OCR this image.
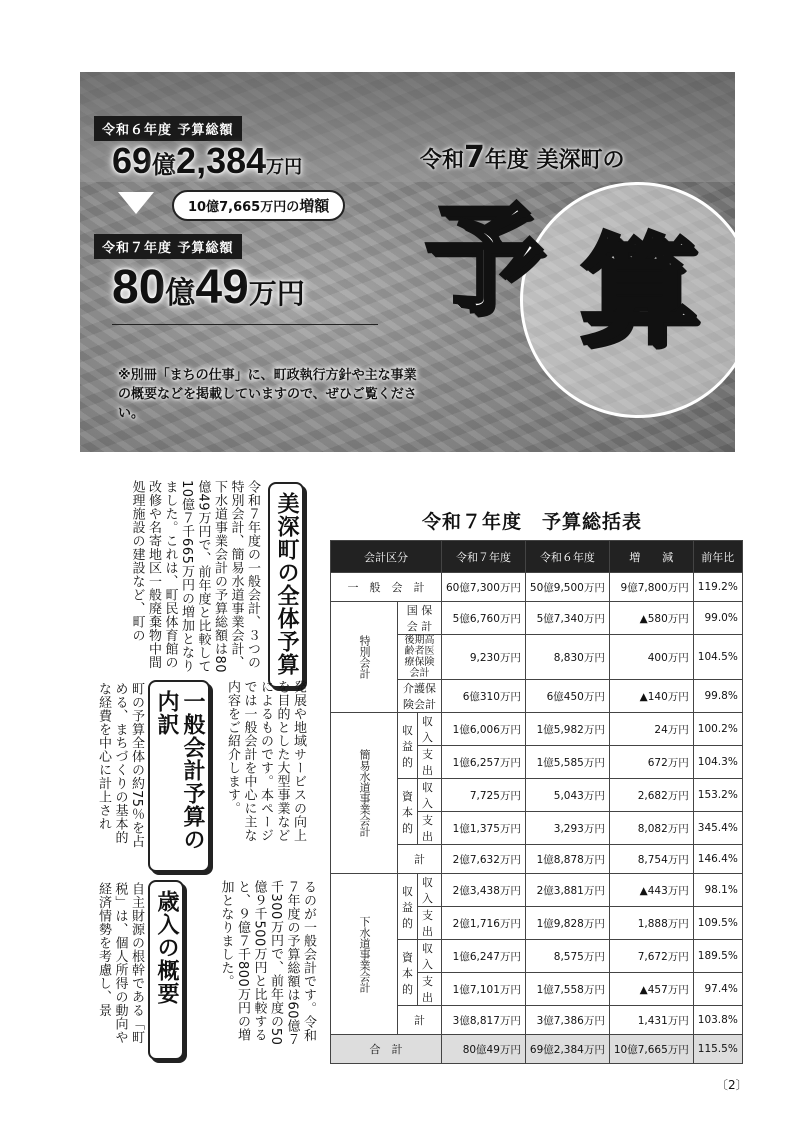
令和６年度 予算総額
69億2,384万円
10億7,665万円の増額
令和７年度 予算総額
80億49万円
令和7年度 美深町の
予 算
※別冊「まちの仕事」に、町政執行方針や主な事業の概要などを掲載していますので、ぜひご覧ください。
美深町の全体予算
令和７年度の一般会計、３つの特別会計、簡易水道事業会計、下水道事業会計の予算総額は80億49万円で、前年度と比較して10億７千665万円の増加となりました。これは、町民体育館の改修や名寄地区一般廃棄物中間処理施設の建設など、町の
発展や地域サービスの向上を目的とした大型事業などによるものです。本ページでは一般会計を中心に主な内容をご紹介します。
一般会計予算の内訳
町の予算全体の約75％を占める、まちづくりの基本的な経費を中心に計上され
るのが一般会計です。令和７年度の予算総額は60億７千300万円で、前年度の50億９千500万円と比較すると、９億７千800万円の増加となりました。
歳入の概要
自主財源の根幹である「町税」は、個人所得の動向や経済情勢を考慮し、景
令和７年度　予算総括表
会計区分			令和７年度	令和６年度	増　　減	前年比
一　般　会　計			60億7,300万円	50億9,500万円	9億7,800万円	119.2%
特別会計	国 保 会 計		5億6,760万円	5億7,340万円	▲580万円	99.0%
	後期高齢者医療保険会計		9,230万円	8,830万円	400万円	104.5%
	介護保険会計		6億310万円	6億450万円	▲140万円	99.8%
簡易水道事業会計	収益的	収入	1億6,006万円	1億5,982万円	24万円	100.2%
		支出	1億6,257万円	1億5,585万円	672万円	104.3%
	資本的	収入	7,725万円	5,043万円	2,682万円	153.2%
		支出	1億1,375万円	3,293万円	8,082万円	345.4%
	計		2億7,632万円	1億8,878万円	8,754万円	146.4%
下水道事業会計	収益的	収入	2億3,438万円	2億3,881万円	▲443万円	98.1%
		支出	2億1,716万円	1億9,828万円	1,888万円	109.5%
	資本的	収入	1億6,247万円	8,575万円	7,672万円	189.5%
		支出	1億7,101万円	1億7,558万円	▲457万円	97.4%
	計		3億8,817万円	3億7,386万円	1,431万円	103.8%
合　計			80億49万円	69億2,384万円	10億7,665万円	115.5%
〔2〕
